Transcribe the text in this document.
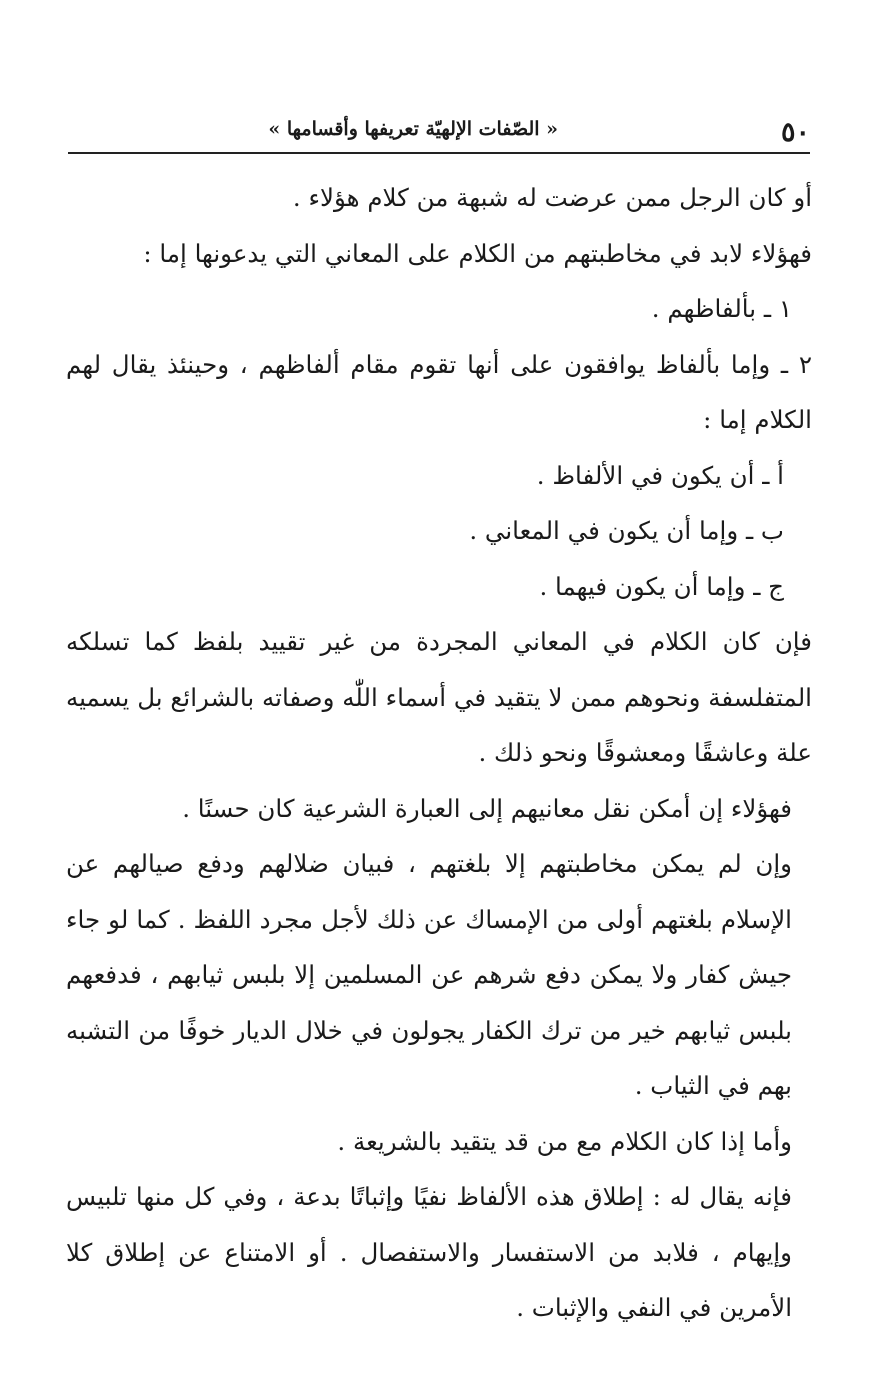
٥٠
« الصّفات الإلهيّة تعريفها وأقسامها »

أو كان الرجل ممن عرضت له شبهة من كلام هؤلاء .

فهؤلاء لابد في مخاطبتهم من الكلام على المعاني التي يدعونها إما :

١ ـ بألفاظهم .

٢ ـ وإما بألفاظ يوافقون على أنها تقوم مقام ألفاظهم ، وحينئذ يقال لهم الكلام إما :

أ ـ أن يكون في الألفاظ .

ب ـ وإما أن يكون في المعاني .

ج ـ وإما أن يكون فيهما .

فإن كان الكلام في المعاني المجردة من غير تقييد بلفظ كما تسلكه المتفلسفة ونحوهم ممن لا يتقيد في أسماء اللّٰه وصفاته بالشرائع بل يسميه علة وعاشقًا ومعشوقًا ونحو ذلك .

فهؤلاء إن أمكن نقل معانيهم إلى العبارة الشرعية كان حسنًا .

وإن لم يمكن مخاطبتهم إلا بلغتهم ، فبيان ضلالهم ودفع صيالهم عن الإسلام بلغتهم أولى من الإمساك عن ذلك لأجل مجرد اللفظ . كما لو جاء جيش كفار ولا يمكن دفع شرهم عن المسلمين إلا بلبس ثيابهم ، فدفعهم بلبس ثيابهم خير من ترك الكفار يجولون في خلال الديار خوفًا من التشبه بهم في الثياب .

وأما إذا كان الكلام مع من قد يتقيد بالشريعة .

فإنه يقال له : إطلاق هذه الألفاظ نفيًا وإثباتًا بدعة ، وفي كل منها تلبيس وإيهام ، فلابد من الاستفسار والاستفصال . أو الامتناع عن إطلاق كلا الأمرين في النفي والإثبات .
